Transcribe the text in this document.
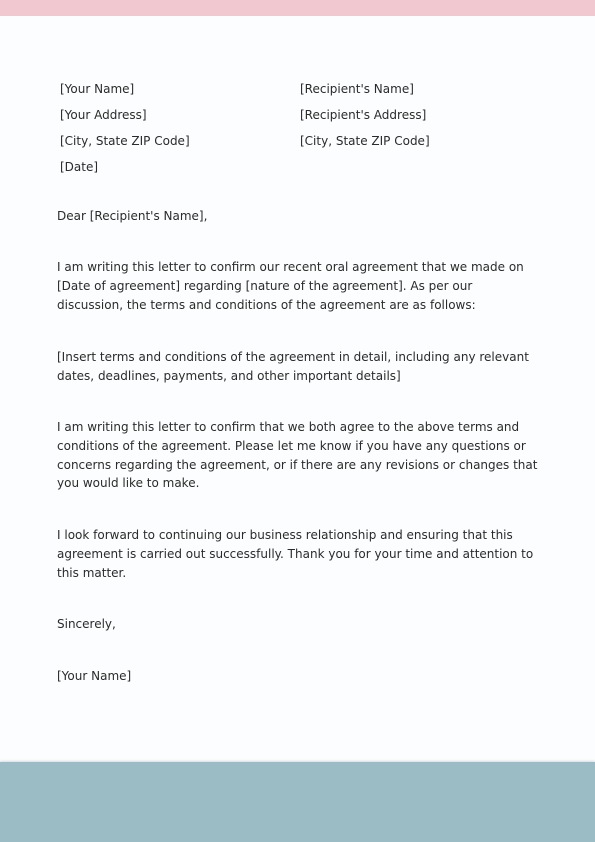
[Your Name]
[Your Address]
[City, State ZIP Code]
[Date]
[Recipient's Name]
[Recipient's Address]
[City, State ZIP Code]

Dear [Recipient's Name],

I am writing this letter to confirm our recent oral agreement that we made on [Date of agreement] regarding [nature of the agreement]. As per our discussion, the terms and conditions of the agreement are as follows:

[Insert terms and conditions of the agreement in detail, including any relevant dates, deadlines, payments, and other important details]

I am writing this letter to confirm that we both agree to the above terms and conditions of the agreement. Please let me know if you have any questions or concerns regarding the agreement, or if there are any revisions or changes that you would like to make.

I look forward to continuing our business relationship and ensuring that this agreement is carried out successfully. Thank you for your time and attention to this matter.

Sincerely,

[Your Name]
